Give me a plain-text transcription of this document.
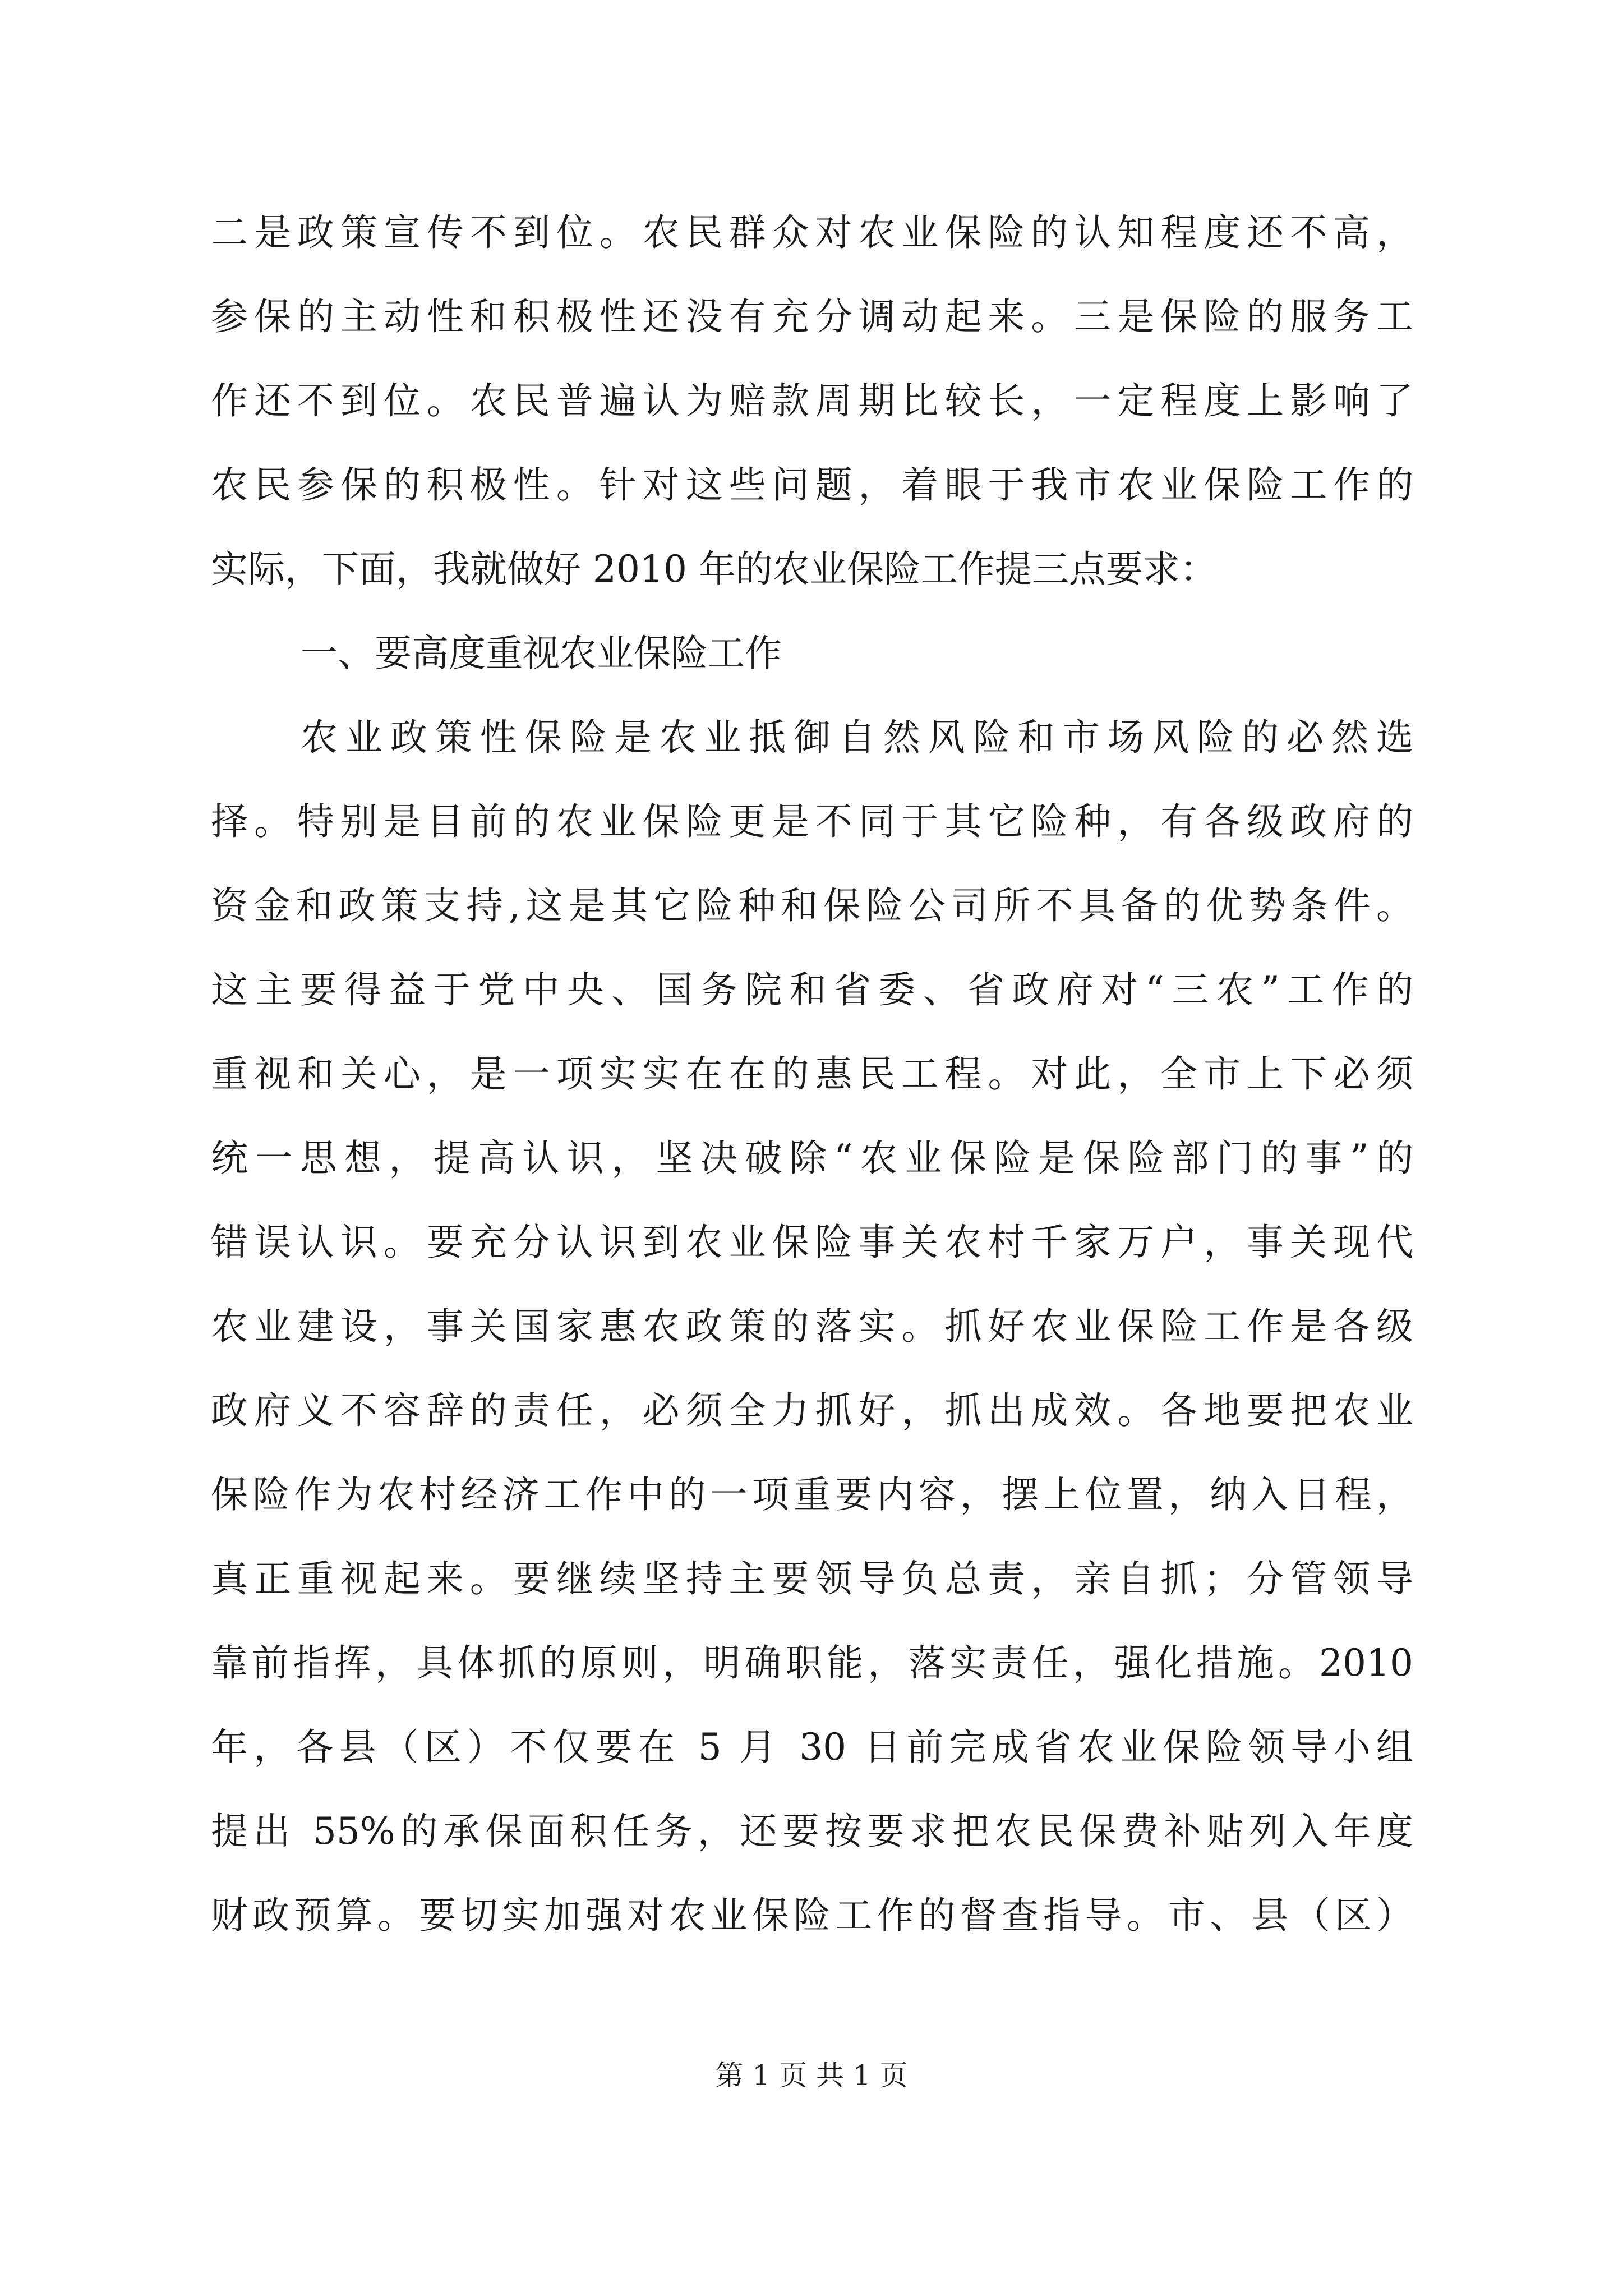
二是政策宣传不到位。农民群众对农业保险的认知程度还不高，
参保的主动性和积极性还没有充分调动起来。三是保险的服务工
作还不到位。农民普遍认为赔款周期比较长，一定程度上影响了
农民参保的积极性。针对这些问题，着眼于我市农业保险工作的
实际，下面，我就做好 2010 年的农业保险工作提三点要求：
一、要高度重视农业保险工作
农业政策性保险是农业抵御自然风险和市场风险的必然选
择。特别是目前的农业保险更是不同于其它险种，有各级政府的
资金和政策支持,这是其它险种和保险公司所不具备的优势条件。
这主要得益于党中央、国务院和省委、省政府对“三农”工作的
重视和关心，是一项实实在在的惠民工程。对此，全市上下必须
统一思想，提高认识，坚决破除“农业保险是保险部门的事”的
错误认识。要充分认识到农业保险事关农村千家万户，事关现代
农业建设，事关国家惠农政策的落实。抓好农业保险工作是各级
政府义不容辞的责任，必须全力抓好，抓出成效。各地要把农业
保险作为农村经济工作中的一项重要内容，摆上位置，纳入日程，
真正重视起来。要继续坚持主要领导负总责，亲自抓；分管领导
靠前指挥，具体抓的原则，明确职能，落实责任，强化措施。2010
年，各县（区）不仅要在 5 月 30 日前完成省农业保险领导小组
提出 55%的承保面积任务，还要按要求把农民保费补贴列入年度
财政预算。要切实加强对农业保险工作的督查指导。市、县（区）
第 1 页 共 1 页
